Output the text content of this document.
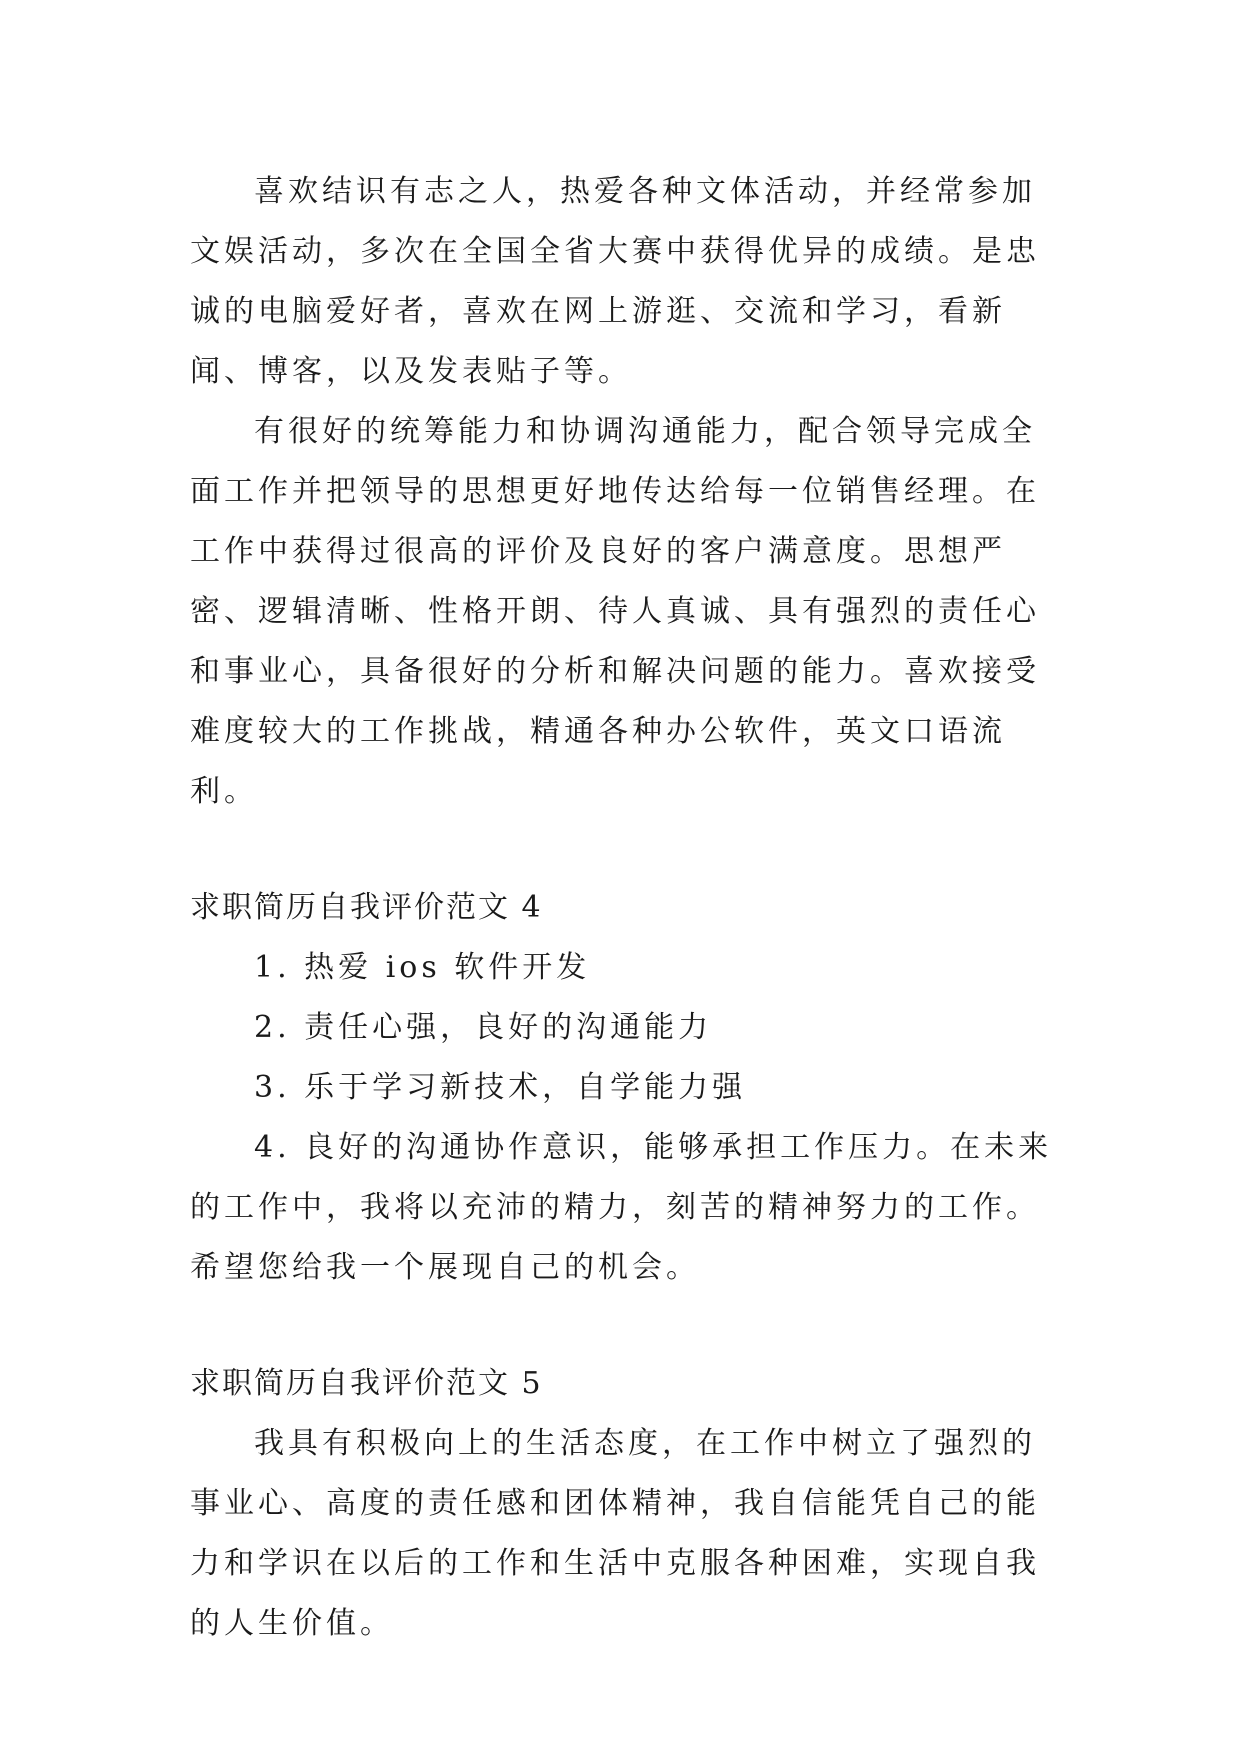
喜欢结识有志之人，热爱各种文体活动，并经常参加文娱活动，多次在全国全省大赛中获得优异的成绩。是忠诚的电脑爱好者，喜欢在网上游逛、交流和学习，看新闻、博客，以及发表贴子等。

有很好的统筹能力和协调沟通能力，配合领导完成全面工作并把领导的思想更好地传达给每一位销售经理。在工作中获得过很高的评价及良好的客户满意度。思想严密、逻辑清晰、性格开朗、待人真诚、具有强烈的责任心和事业心，具备很好的分析和解决问题的能力。喜欢接受难度较大的工作挑战，精通各种办公软件，英文口语流利。

求职简历自我评价范文 4

1. 热爱 ios 软件开发

2. 责任心强，良好的沟通能力

3. 乐于学习新技术，自学能力强

4. 良好的沟通协作意识，能够承担工作压力。在未来的工作中，我将以充沛的精力，刻苦的精神努力的工作。希望您给我一个展现自己的机会。

求职简历自我评价范文 5

我具有积极向上的生活态度，在工作中树立了强烈的事业心、高度的责任感和团体精神，我自信能凭自己的能力和学识在以后的工作和生活中克服各种困难，实现自我的人生价值。
